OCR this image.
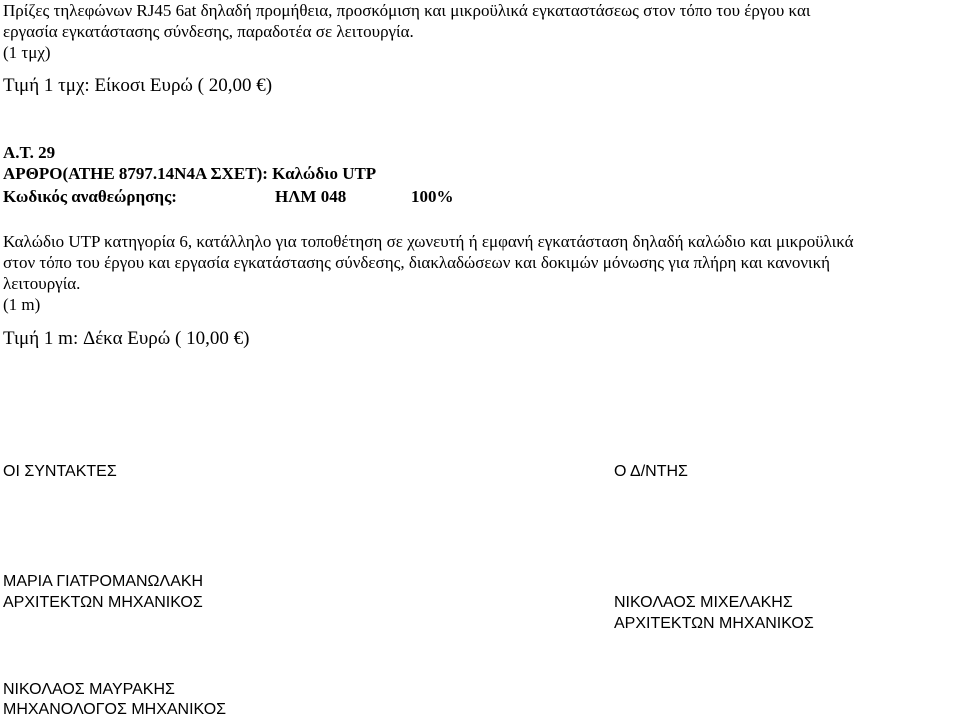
Πρίζες τηλεφώνων RJ45 6at δηλαδή προμήθεια, προσκόμιση και μικροϋλικά εγκαταστάσεως στον τόπο του έργου και
εργασία εγκατάστασης σύνδεσης, παραδοτέα σε λειτουργία.
(1 τμχ)
Τιμή 1 τμχ: Είκοσι Ευρώ ( 20,00 €)
Α.Τ. 29
ΑΡΘΡΟ(ΑΤΗΕ 8797.14Ν4Α ΣΧΕΤ): Καλώδιο UTP
Κωδικός αναθεώρησης:	ΗΛΜ 048	100%
Καλώδιο UTP κατηγορία 6, κατάλληλο για τοποθέτηση σε χωνευτή ή εμφανή εγκατάσταση δηλαδή καλώδιο και μικροϋλικά
στον τόπο του έργου και εργασία εγκατάστασης σύνδεσης, διακλαδώσεων και δοκιμών μόνωσης για πλήρη και κανονική
λειτουργία.
(1 m)
Τιμή 1 m: Δέκα Ευρώ ( 10,00 €)
ΟΙ ΣΥΝΤΑΚΤΕΣ	Ο Δ/ΝΤΗΣ
ΜΑΡΙΑ ΓΙΑΤΡΟΜΑΝΩΛΑΚΗ
ΑΡΧΙΤΕΚΤΩΝ ΜΗΧΑΝΙΚΟΣ	ΝΙΚΟΛΑΟΣ ΜΙΧΕΛΑΚΗΣ
ΑΡΧΙΤΕΚΤΩΝ ΜΗΧΑΝΙΚΟΣ
ΝΙΚΟΛΑΟΣ ΜΑΥΡΑΚΗΣ
ΜΗΧΑΝΟΛΟΓΟΣ ΜΗΧΑΝΙΚΟΣ
